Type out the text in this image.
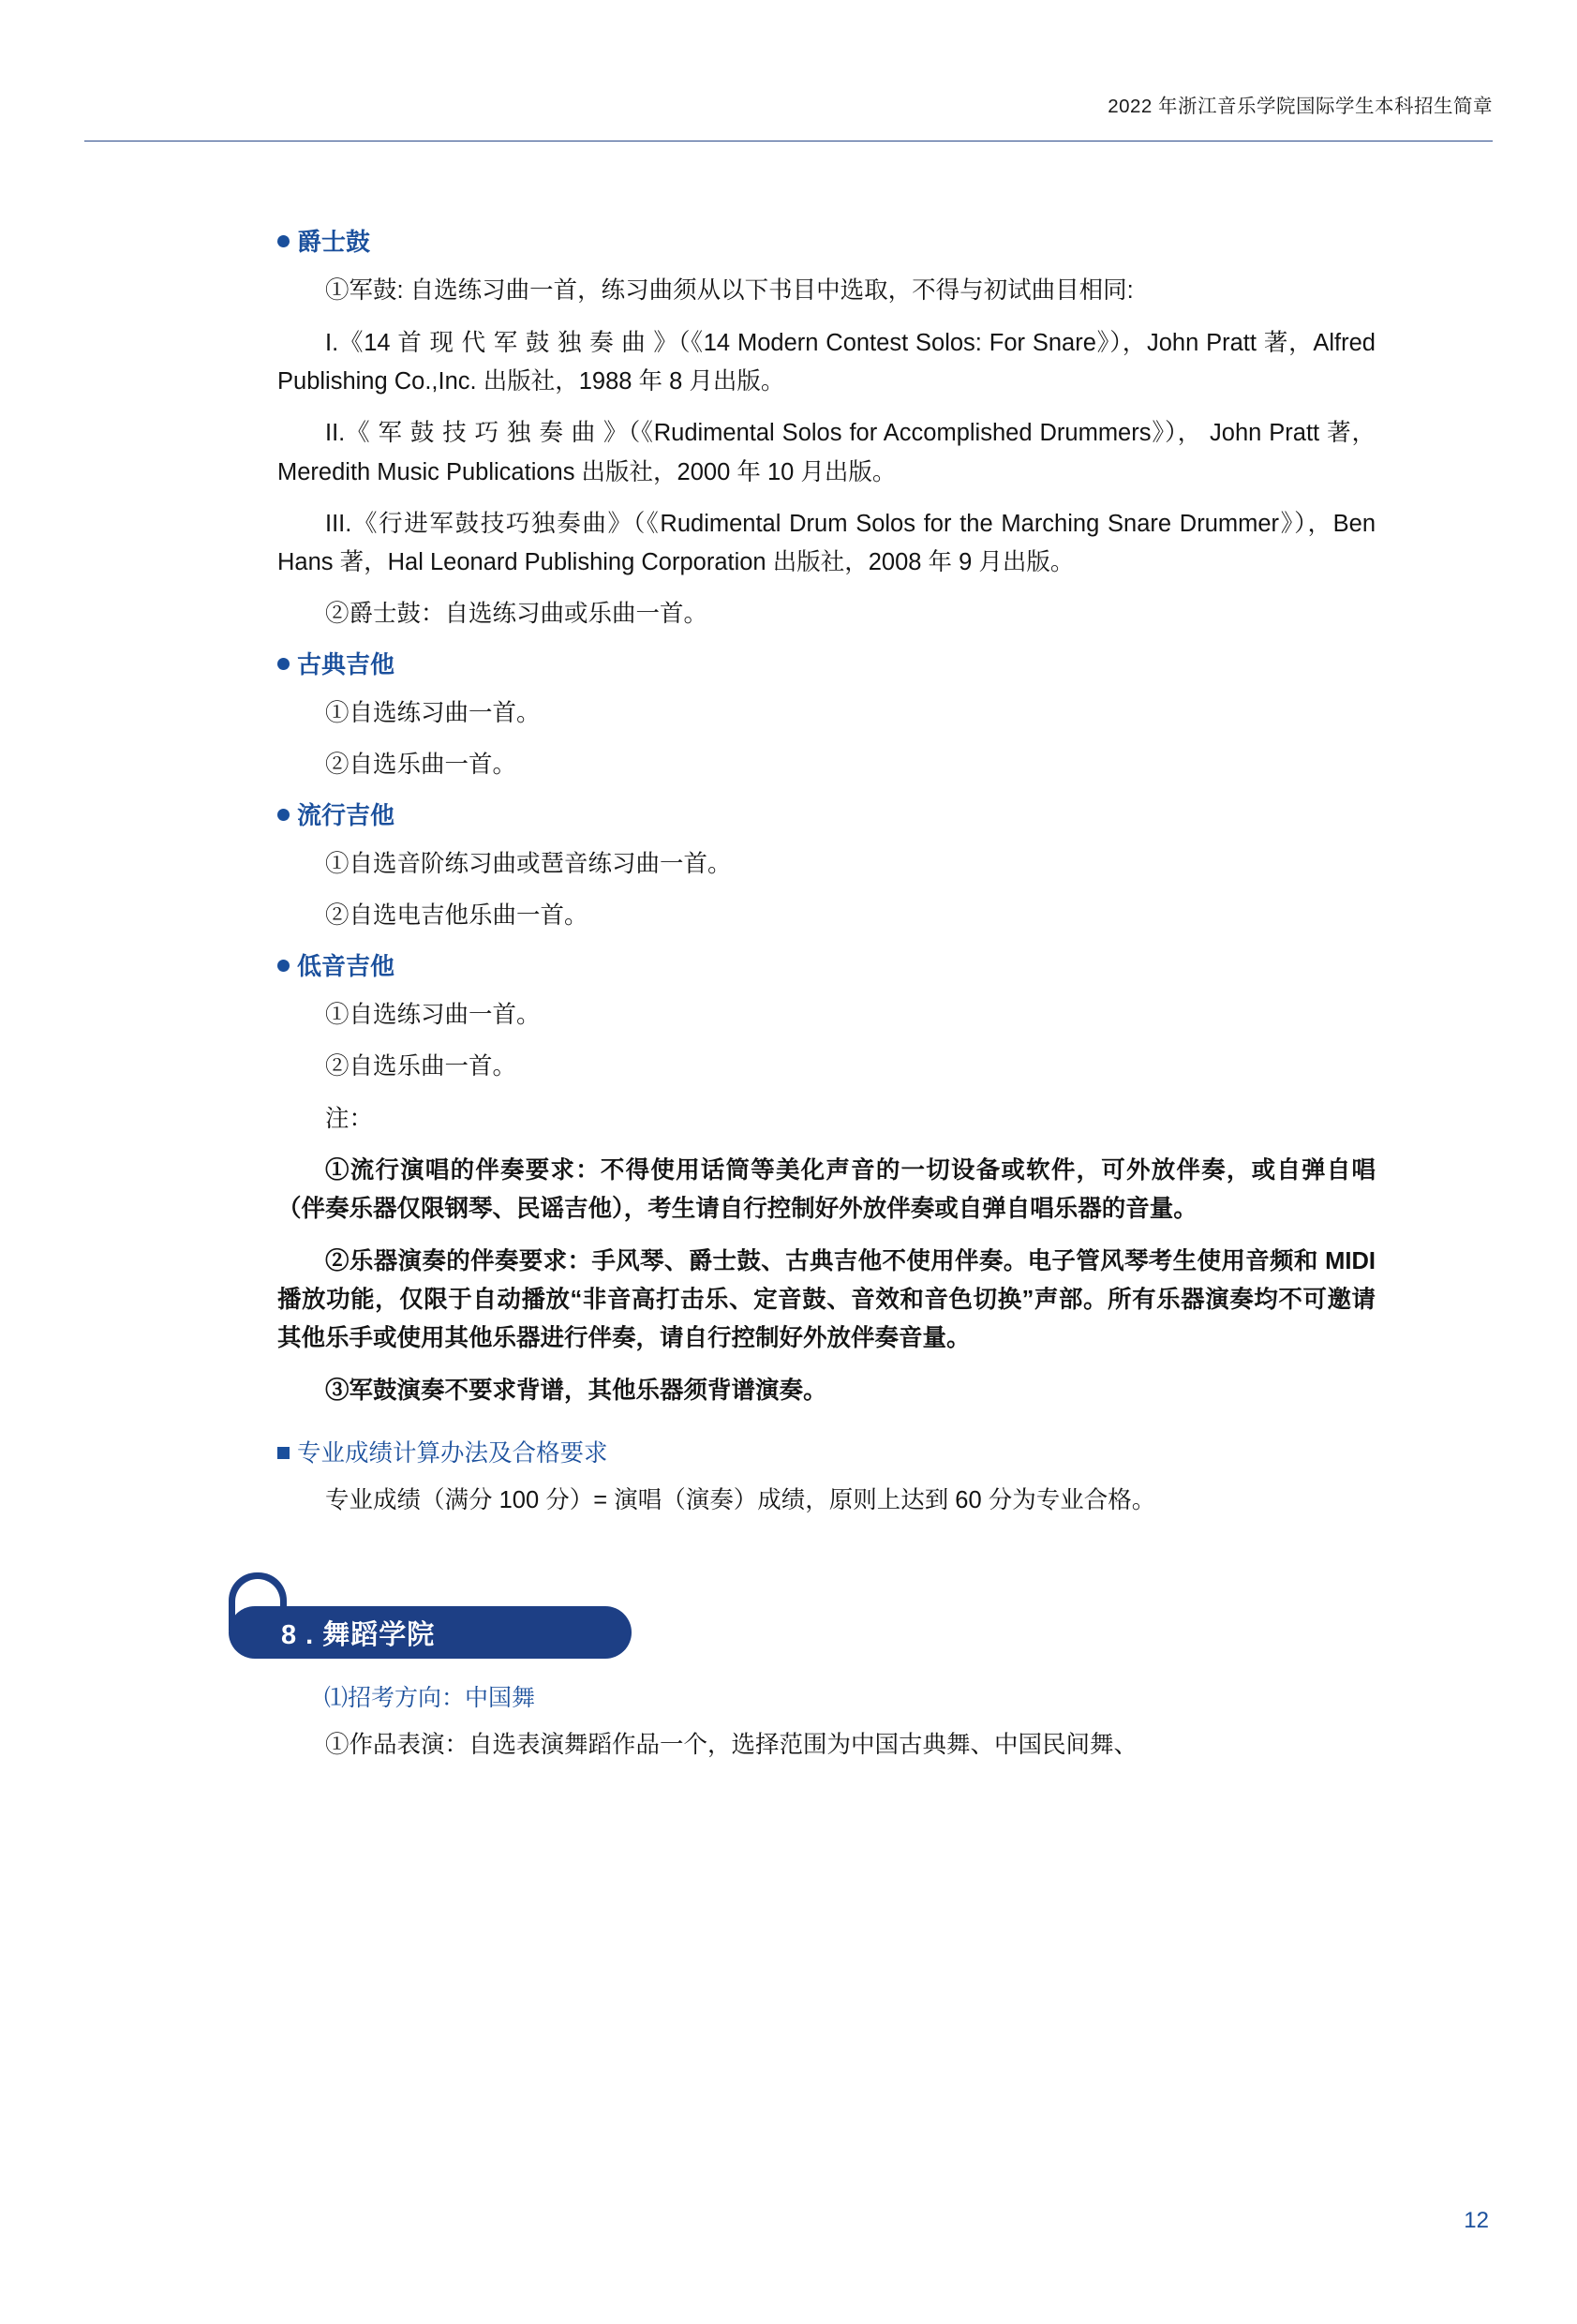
2022 年浙江音乐学院国际学生本科招生简章
爵士鼓

①军鼓: 自选练习曲一首，练习曲须从以下书目中选取，不得与初试曲目相同:

I.《14 首 现 代 军 鼓 独 奏 曲 》（《14 Modern Contest Solos: For Snare》），John Pratt 著，Alfred Publishing Co.,Inc. 出版社，1988 年 8 月出版。

II.《 军 鼓 技 巧 独 奏 曲 》（《Rudimental Solos for Accomplished Drummers》）， John Pratt 著，Meredith Music Publications 出版社，2000 年 10 月出版。

III.《行进军鼓技巧独奏曲》（《Rudimental Drum Solos for the Marching Snare Drummer》），Ben Hans 著，Hal Leonard Publishing Corporation 出版社，2008 年 9 月出版。

②爵士鼓：自选练习曲或乐曲一首。

古典吉他

①自选练习曲一首。

②自选乐曲一首。

流行吉他

①自选音阶练习曲或琶音练习曲一首。

②自选电吉他乐曲一首。

低音吉他

①自选练习曲一首。

②自选乐曲一首。

注：

①流行演唱的伴奏要求：不得使用话筒等美化声音的一切设备或软件，可外放伴奏，或自弹自唱（伴奏乐器仅限钢琴、民谣吉他），考生请自行控制好外放伴奏或自弹自唱乐器的音量。

②乐器演奏的伴奏要求：手风琴、爵士鼓、古典吉他不使用伴奏。电子管风琴考生使用音频和 MIDI 播放功能，仅限于自动播放“非音高打击乐、定音鼓、音效和音色切换”声部。所有乐器演奏均不可邀请其他乐手或使用其他乐器进行伴奏，请自行控制好外放伴奏音量。

③军鼓演奏不要求背谱，其他乐器须背谱演奏。

专业成绩计算办法及合格要求

专业成绩（满分 100 分）= 演唱（演奏）成绩，原则上达到 60 分为专业合格。

8 . 舞蹈学院
⑴招考方向：中国舞

①作品表演：自选表演舞蹈作品一个，选择范围为中国古典舞、中国民间舞、

12
